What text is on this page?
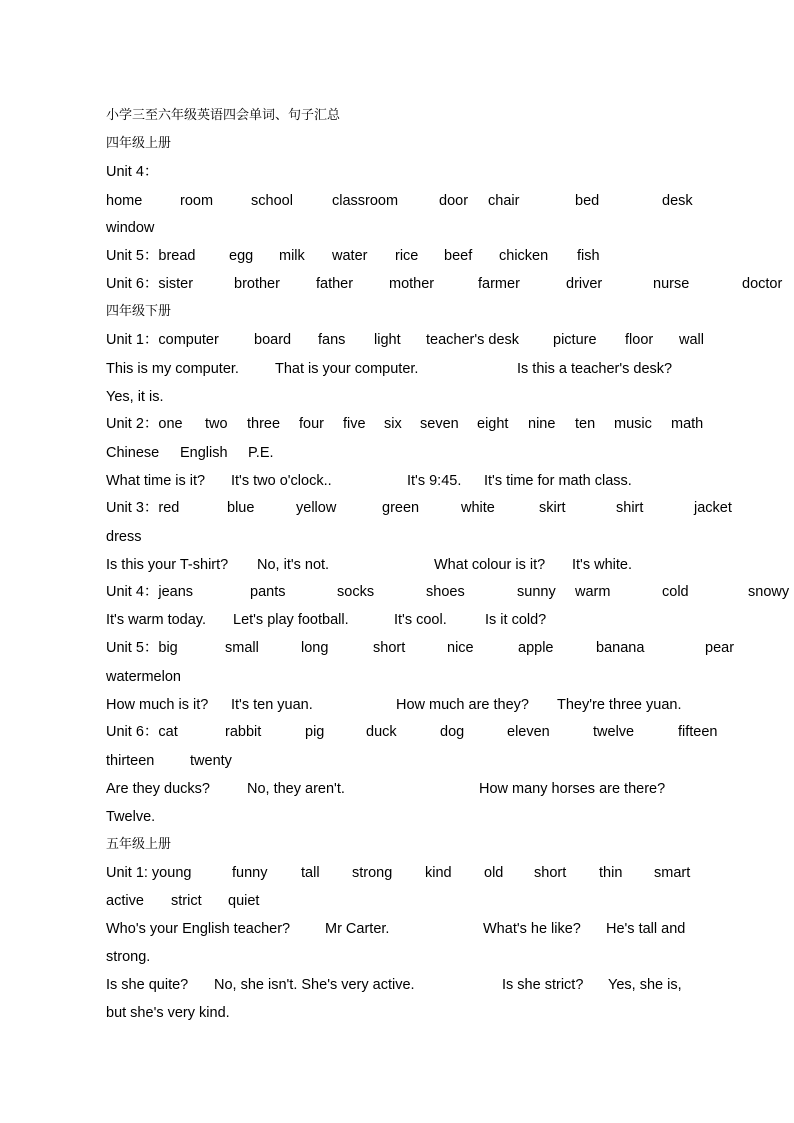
小学三至六年级英语四会单词、句子汇总
四年级上册
Unit 4：
home	room	school	classroom	door chair	bed	desk
window
Unit 5：bread egg milk water rice beef chicken fish
Unit 6：sister	brother father mother	farmer	driver	nurse	doctor
四年级下册
Unit 1：computer board fans light teacher's desk picture floor wall
This is my computer. That is your computer.	Is this a teacher's desk?
Yes, it is.
Unit 2：one two three four five six seven eight nine ten music math
Chinese English P.E.
What time is it? It's two o'clock..	It's 9:45. It's time for math class.
Unit 3：red	blue	yellow	green	white	skirt	shirt	jacket
dress
Is this your T-shirt? No, it's not.	What colour is it? It's white.
Unit 4：jeans	pants	socks	shoes	sunny warm	cold	snowy
It's warm today. Let's play football.	It's cool.	Is it cold?
Unit 5：big	small	long	short	nice	apple	banana	pear
watermelon
How much is it? It's ten yuan.	How much are they? They're three yuan.
Unit 6：cat	rabbit	pig	duck	dog	eleven	twelve	fifteen
thirteen twenty
Are they ducks?	No, they aren't.	How many horses are there?
Twelve.
五年级上册
Unit 1: young	funny tall strong kind old short thin smart
active strict quiet
Who's your English teacher? Mr Carter.	What's he like? He's tall and
strong.
Is she quite? No, she isn't. She's very active.	Is she strict? Yes, she is,
but she's very kind.
